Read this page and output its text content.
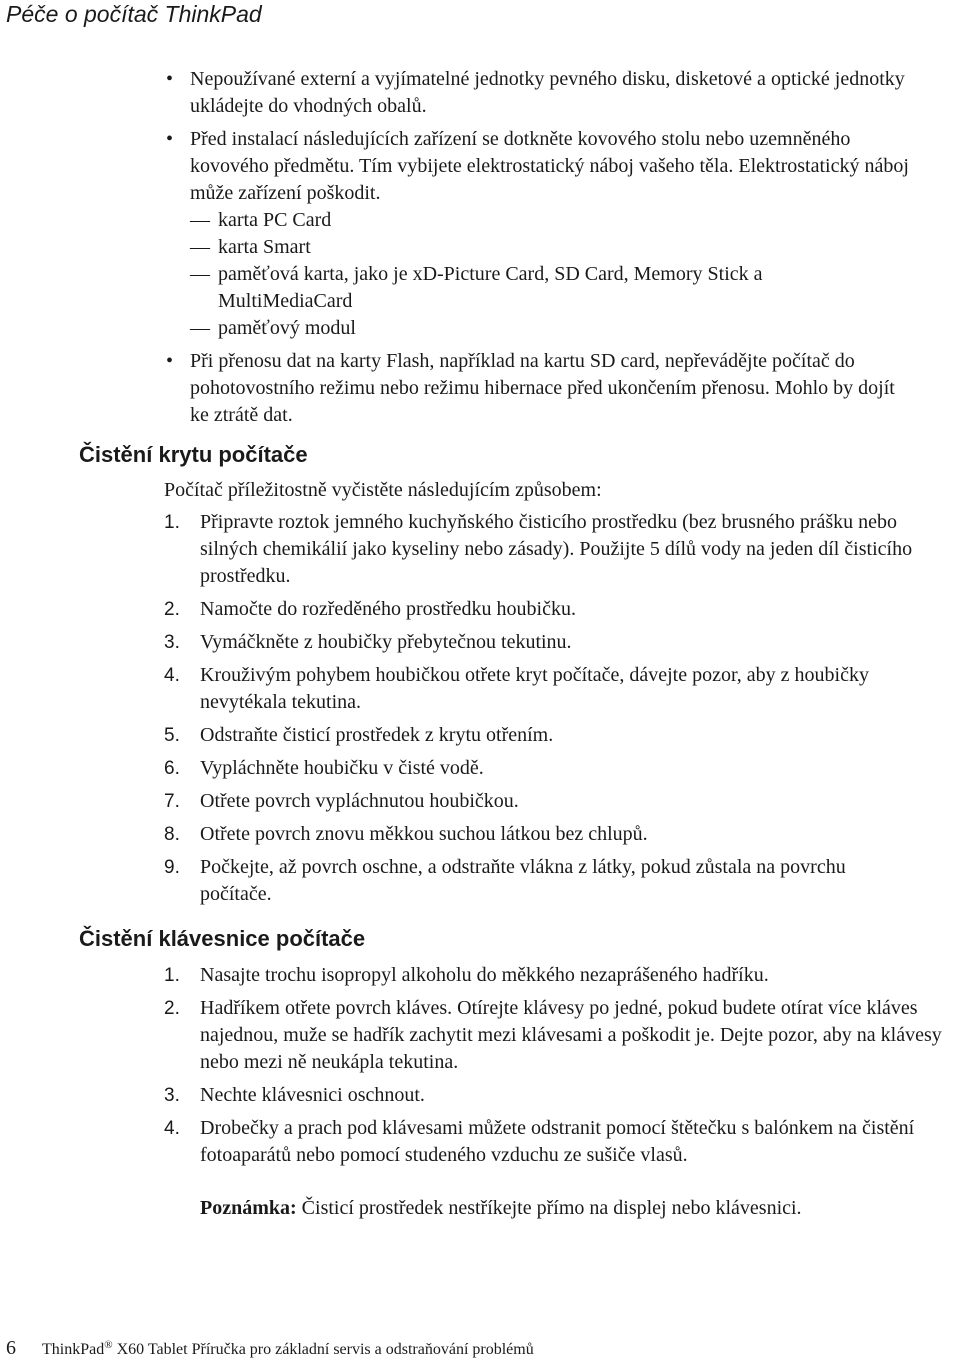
Péče o počítač ThinkPad
• Nepoužívané externí a vyjímatelné jednotky pevného disku, disketové a optické jednotky ukládejte do vhodných obalů.
• Před instalací následujících zařízení se dotkněte kovového stolu nebo uzemněného kovového předmětu. Tím vybijete elektrostatický náboj vašeho těla. Elektrostatický náboj může zařízení poškodit.
— karta PC Card
— karta Smart
— paměťová karta, jako je xD-Picture Card, SD Card, Memory Stick a MultiMediaCard
— paměťový modul
• Při přenosu dat na karty Flash, například na kartu SD card, nepřevádějte počítač do pohotovostního režimu nebo režimu hibernace před ukončením přenosu. Mohlo by dojít ke ztrátě dat.
Čistění krytu počítače

Počítač příležitostně vyčistěte následujícím způsobem:

1. Připravte roztok jemného kuchyňského čisticího prostředku (bez brusného prášku nebo silných chemikálií jako kyseliny nebo zásady). Použijte 5 dílů vody na jeden díl čisticího prostředku.
2. Namočte do rozředěného prostředku houbičku.
3. Vymáčkněte z houbičky přebytečnou tekutinu.
4. Krouživým pohybem houbičkou otřete kryt počítače, dávejte pozor, aby z houbičky nevytékala tekutina.
5. Odstraňte čisticí prostředek z krytu otřením.
6. Vypláchněte houbičku v čisté vodě.
7. Otřete povrch vypláchnutou houbičkou.
8. Otřete povrch znovu měkkou suchou látkou bez chlupů.
9. Počkejte, až povrch oschne, a odstraňte vlákna z látky, pokud zůstala na povrchu počítače.
Čistění klávesnice počítače
1. Nasajte trochu isopropyl alkoholu do měkkého nezaprášeného hadříku.
2. Hadříkem otřete povrch kláves. Otírejte klávesy po jedné, pokud budete otírat více kláves najednou, muže se hadřík zachytit mezi klávesami a poškodit je. Dejte pozor, aby na klávesy nebo mezi ně neukápla tekutina.
3. Nechte klávesnici oschnout.
4. Drobečky a prach pod klávesami můžete odstranit pomocí štětečku s balónkem na čistění fotoaparátů nebo pomocí studeného vzduchu ze sušiče vlasů.

Poznámka: Čisticí prostředek nestříkejte přímo na displej nebo klávesnici.

6 ThinkPad® X60 Tablet Příručka pro základní servis a odstraňování problémů
